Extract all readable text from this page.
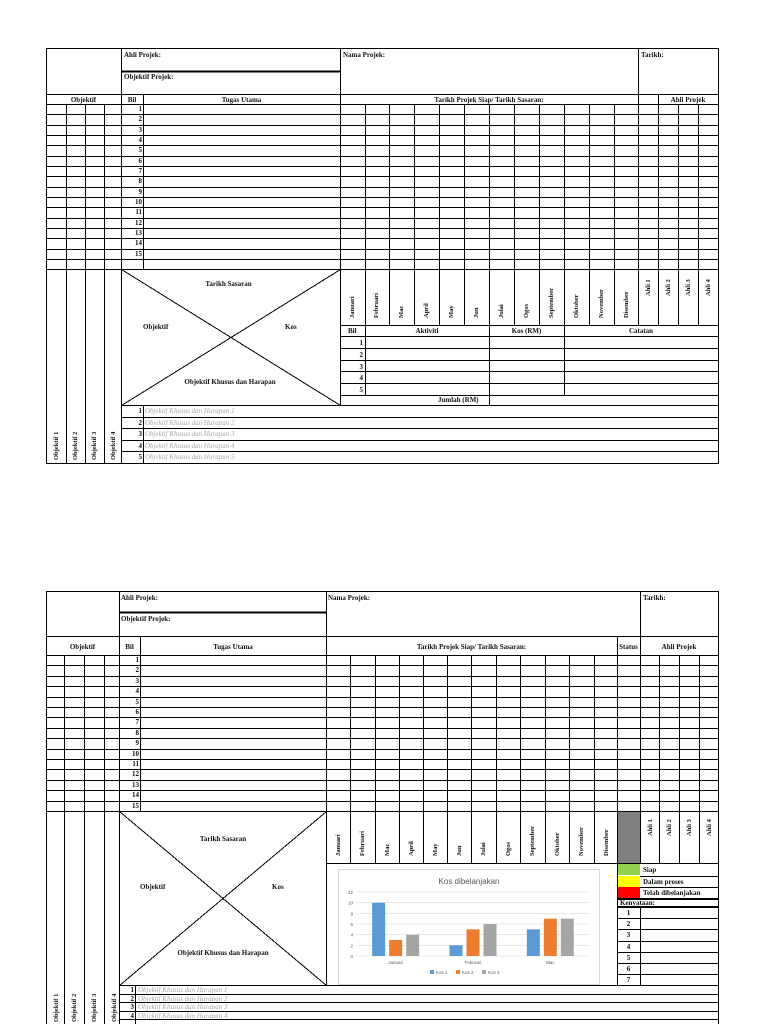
Ahli Projek:
Objektif Projek:
Nama Projek:	Tarikh:
Objektif	Bil	Tugas Utama	Tarikh Projek Siap/ Tarikh Sasaran:	Ahli Projek
1
2
3
4
5
6
7
8
9
10
11
12
13
14
15
Januari	Februari	Mac	April	May	Jun	Julai	Ogos	September	Oktober	November	Disember
Ahli 1 Ahli 2 Ahli 3 Ahli 4
Tarikh Sasaran
Objektif	Kos
Objektif Khusus dan Harapan
Bil	Aktiviti	Kos (RM)	Catatan
1
2
3
4
5
Jumlah (RM)
Objektif 1 Objektif 2 Objektif 3 Objektif 4
1 Objektif Khusus dan Harapan 1
2 Objektif Khusus dan Harapan 2
3 Objektif Khusus dan Harapan 3
4 Objektif Khusus dan Harapan 4
5 Objektif Khusus dan Harapan 5
Ahli Projek:
Objektif Projek:
Nama Projek:	Tarikh:
Objektif	Bil	Tugas Utama	Tarikh Projek Siap/ Tarikh Sasaran:	Status	Ahli Projek
1
2
3
4
5
6
7
8
9
10
11
12
13
14
15
Januari	Februari	Mac	April	May	Jun	Julai	Ogos	September	Oktober	November	Disember
Ahli 1 Ahli 2 Ahli 3 Ahli 4
Tarikh Sasaran
Objektif	Kos
Objektif Khusus dan Harapan
Kos dibelanjakan
0
2
4
6
8
10
12
Januari	Februari	Mac
Kos 1	Kos 2	Kos 3
Siap
Dalam proses
Telah dibelanjakan
Kenyataan:
1
2
3
4
5
6
7
Objektif 1 Objektif 2 Objektif 3 Objektif 4
1 Objektif Khusus dan Harapan 1
2 Objektif Khusus dan Harapan 2
3 Objektif Khusus dan Harapan 3
4 Objektif Khusus dan Harapan 4
